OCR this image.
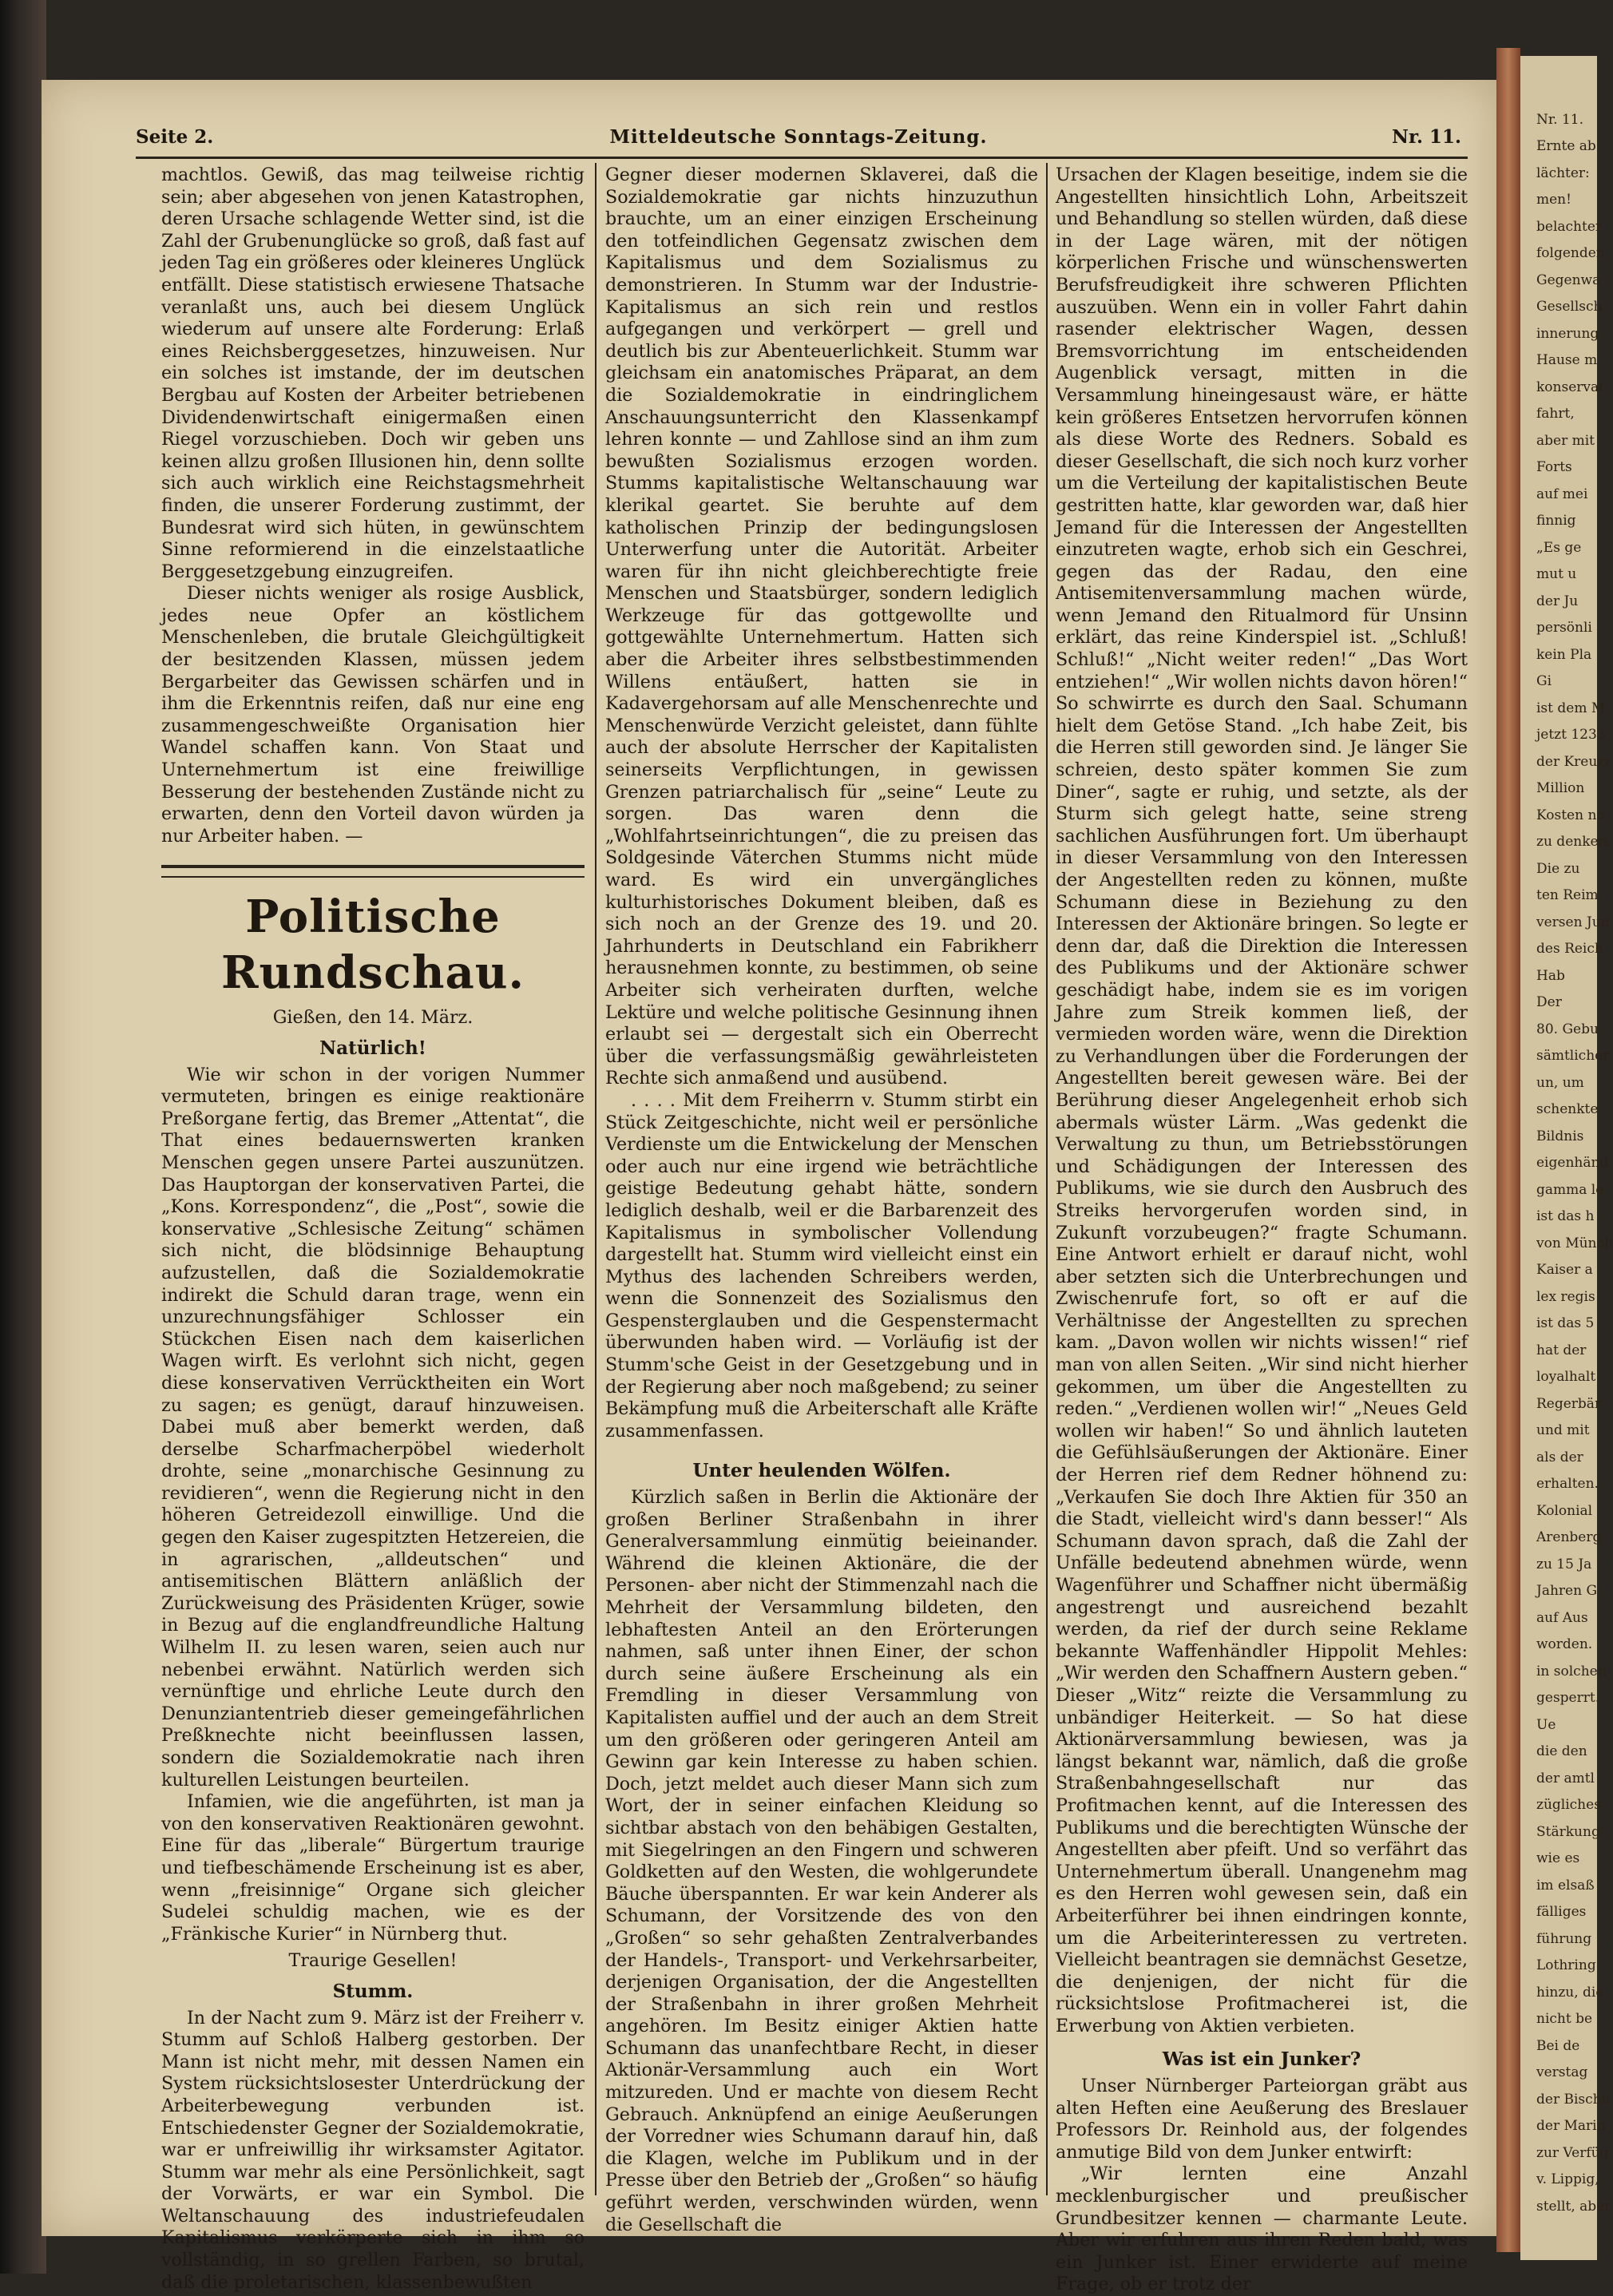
Nr. 11.
Ernte ab
lächter:
men!
belachter
folgenden
Gegenwa
Gesellsch
innerung
Hause m
konservat
fahrt,
aber mit
Forts
auf mei
finnig
„Es ge
mut u
der Ju
persönli
kein Pla
Gi
ist dem M
jetzt 1233
der Kreuzz
Million
Kosten no
zu denken.
Die zu
ten Reim
versen Jun
des Reich
Hab
Der
80. Gebu
sämtlicher
un, um
schenkte
Bildnis
eigenhänd
gamma le
ist das h
von Münch
Kaiser a
lex regis
ist das 5
hat der
loyalhalt
Regerbär
und mit
als der
erhalten.
Kolonial
Arenberg
zu 15 Ja
Jahren G
auf Aus
worden.
in solchen
gesperrt.
Ue
die den
der amtl
zügliches
Stärkung
wie es
im elsaß
fälliges
führung
Lothring
hinzu, die
nicht be
Bei de
verstag
der Bischu
der Marin
zur Verfüg
v. Lippig,
stellt, aber
Seite 2.	Mitteldeutsche Sonntags-Zeitung.	Nr. 11.

machtlos. Gewiß, das mag teilweise richtig sein; aber abgesehen von jenen Katastrophen, deren Ursache schlagende Wetter sind, ist die Zahl der Grubenunglücke so groß, daß fast auf jeden Tag ein größeres oder kleineres Unglück entfällt. Diese statistisch erwiesene Thatsache veranlaßt uns, auch bei diesem Unglück wiederum auf unsere alte Forderung: Erlaß eines Reichsberggesetzes, hinzuweisen. Nur ein solches ist imstande, der im deutschen Bergbau auf Kosten der Arbeiter betriebenen Dividendenwirtschaft einigermaßen einen Riegel vorzuschieben. Doch wir geben uns keinen allzu großen Illusionen hin, denn sollte sich auch wirklich eine Reichstagsmehrheit finden, die unserer Forderung zustimmt, der Bundesrat wird sich hüten, in gewünschtem Sinne reformierend in die einzelstaatliche Berggesetzgebung einzugreifen.

Dieser nichts weniger als rosige Ausblick, jedes neue Opfer an köstlichem Menschenleben, die brutale Gleichgültigkeit der besitzenden Klassen, müssen jedem Bergarbeiter das Gewissen schärfen und in ihm die Erkenntnis reifen, daß nur eine eng zusammengeschweißte Organisation hier Wandel schaffen kann. Von Staat und Unternehmertum ist eine freiwillige Besserung der bestehenden Zustände nicht zu erwarten, denn den Vorteil davon würden ja nur Arbeiter haben. —

Politische Rundschau.
Gießen, den 14. März.
Natürlich!

Wie wir schon in der vorigen Nummer vermuteten, bringen es einige reaktionäre Preßorgane fertig, das Bremer „Attentat“, die That eines bedauernswerten kranken Menschen gegen unsere Partei auszunützen. Das Hauptorgan der konservativen Partei, die „Kons. Korrespondenz“, die „Post“, sowie die konservative „Schlesische Zeitung“ schämen sich nicht, die blödsinnige Behauptung aufzustellen, daß die Sozialdemokratie indirekt die Schuld daran trage, wenn ein unzurechnungsfähiger Schlosser ein Stückchen Eisen nach dem kaiserlichen Wagen wirft. Es verlohnt sich nicht, gegen diese konservativen Verrücktheiten ein Wort zu sagen; es genügt, darauf hinzuweisen. Dabei muß aber bemerkt werden, daß derselbe Scharfmacherpöbel wiederholt drohte, seine „monarchische Gesinnung zu revidieren“, wenn die Regierung nicht in den höheren Getreidezoll einwillige. Und die gegen den Kaiser zugespitzten Hetzereien, die in agrarischen, „alldeutschen“ und antisemitischen Blättern anläßlich der Zurückweisung des Präsidenten Krüger, sowie in Bezug auf die englandfreundliche Haltung Wilhelm II. zu lesen waren, seien auch nur nebenbei erwähnt. Natürlich werden sich vernünftige und ehrliche Leute durch den Denunziantentrieb dieser gemeingefährlichen Preßknechte nicht beeinflussen lassen, sondern die Sozialdemokratie nach ihren kulturellen Leistungen beurteilen.

Infamien, wie die angeführten, ist man ja von den konservativen Reaktionären gewohnt. Eine für das „liberale“ Bürgertum traurige und tiefbeschämende Erscheinung ist es aber, wenn „freisinnige“ Organe sich gleicher Sudelei schuldig machen, wie es der „Fränkische Kurier“ in Nürnberg thut.

Traurige Gesellen!
Stumm.

In der Nacht zum 9. März ist der Freiherr v. Stumm auf Schloß Halberg gestorben. Der Mann ist nicht mehr, mit dessen Namen ein System rücksichtslosester Unterdrückung der Arbeiterbewegung verbunden ist. Entschiedenster Gegner der Sozialdemokratie, war er unfreiwillig ihr wirksamster Agitator. Stumm war mehr als eine Persönlichkeit, sagt der Vorwärts, er war ein Symbol. Die Weltanschauung des industriefeudalen Kapitalismus verkörperte sich in ihm so vollständig, in so grellen Farben, so brutal, daß die proletarischen, klassenbewußten

Gegner dieser modernen Sklaverei, daß die Sozialdemokratie gar nichts hinzuzuthun brauchte, um an einer einzigen Erscheinung den totfeindlichen Gegensatz zwischen dem Kapitalismus und dem Sozialismus zu demonstrieren. In Stumm war der Industrie-Kapitalismus an sich rein und restlos aufgegangen und verkörpert — grell und deutlich bis zur Abenteuerlichkeit. Stumm war gleichsam ein anatomisches Präparat, an dem die Sozialdemokratie in eindringlichem Anschauungsunterricht den Klassenkampf lehren konnte — und Zahllose sind an ihm zum bewußten Sozialismus erzogen worden. Stumms kapitalistische Weltanschauung war klerikal geartet. Sie beruhte auf dem katholischen Prinzip der bedingungslosen Unterwerfung unter die Autorität. Arbeiter waren für ihn nicht gleichberechtigte freie Menschen und Staatsbürger, sondern lediglich Werkzeuge für das gottgewollte und gottgewählte Unternehmertum. Hatten sich aber die Arbeiter ihres selbstbestimmenden Willens entäußert, hatten sie in Kadavergehorsam auf alle Menschenrechte und Menschenwürde Verzicht geleistet, dann fühlte auch der absolute Herrscher der Kapitalisten seinerseits Verpflichtungen, in gewissen Grenzen patriarchalisch für „seine“ Leute zu sorgen. Das waren denn die „Wohlfahrtseinrichtungen“, die zu preisen das Soldgesinde Väterchen Stumms nicht müde ward. Es wird ein unvergängliches kulturhistorisches Dokument bleiben, daß es sich noch an der Grenze des 19. und 20. Jahrhunderts in Deutschland ein Fabrikherr herausnehmen konnte, zu bestimmen, ob seine Arbeiter sich verheiraten durften, welche Lektüre und welche politische Gesinnung ihnen erlaubt sei — dergestalt sich ein Oberrecht über die verfassungsmäßig gewährleisteten Rechte sich anmaßend und ausübend.

. . . . Mit dem Freiherrn v. Stumm stirbt ein Stück Zeitgeschichte, nicht weil er persönliche Verdienste um die Entwickelung der Menschen oder auch nur eine irgend wie beträchtliche geistige Bedeutung gehabt hätte, sondern lediglich deshalb, weil er die Barbarenzeit des Kapitalismus in symbolischer Vollendung dargestellt hat. Stumm wird vielleicht einst ein Mythus des lachenden Schreibers werden, wenn die Sonnenzeit des Sozialismus den Gespensterglauben und die Gespenstermacht überwunden haben wird. — Vorläufig ist der Stumm'sche Geist in der Gesetzgebung und in der Regierung aber noch maßgebend; zu seiner Bekämpfung muß die Arbeiterschaft alle Kräfte zusammenfassen.

Unter heulenden Wölfen.

Kürzlich saßen in Berlin die Aktionäre der großen Berliner Straßenbahn in ihrer Generalversammlung einmütig beieinander. Während die kleinen Aktionäre, die der Personen- aber nicht der Stimmenzahl nach die Mehrheit der Versammlung bildeten, den lebhaftesten Anteil an den Erörterungen nahmen, saß unter ihnen Einer, der schon durch seine äußere Erscheinung als ein Fremdling in dieser Versammlung von Kapitalisten auffiel und der auch an dem Streit um den größeren oder geringeren Anteil am Gewinn gar kein Interesse zu haben schien. Doch, jetzt meldet auch dieser Mann sich zum Wort, der in seiner einfachen Kleidung so sichtbar abstach von den behäbigen Gestalten, mit Siegelringen an den Fingern und schweren Goldketten auf den Westen, die wohlgerundete Bäuche überspannten. Er war kein Anderer als Schumann, der Vorsitzende des von den „Großen“ so sehr gehaßten Zentralverbandes der Handels-, Transport- und Verkehrsarbeiter, derjenigen Organisation, der die Angestellten der Straßenbahn in ihrer großen Mehrheit angehören. Im Besitz einiger Aktien hatte Schumann das unanfechtbare Recht, in dieser Aktionär-Versammlung auch ein Wort mitzureden. Und er machte von diesem Recht Gebrauch. Anknüpfend an einige Aeußerungen der Vorredner wies Schumann darauf hin, daß die Klagen, welche im Publikum und in der Presse über den Betrieb der „Großen“ so häufig geführt werden, verschwinden würden, wenn die Gesellschaft die

Ursachen der Klagen beseitige, indem sie die Angestellten hinsichtlich Lohn, Arbeitszeit und Behandlung so stellen würden, daß diese in der Lage wären, mit der nötigen körperlichen Frische und wünschenswerten Berufsfreudigkeit ihre schweren Pflichten auszuüben. Wenn ein in voller Fahrt dahin rasender elektrischer Wagen, dessen Bremsvorrichtung im entscheidenden Augenblick versagt, mitten in die Versammlung hineingesaust wäre, er hätte kein größeres Entsetzen hervorrufen können als diese Worte des Redners. Sobald es dieser Gesellschaft, die sich noch kurz vorher um die Verteilung der kapitalistischen Beute gestritten hatte, klar geworden war, daß hier Jemand für die Interessen der Angestellten einzutreten wagte, erhob sich ein Geschrei, gegen das der Radau, den eine Antisemitenversammlung machen würde, wenn Jemand den Ritualmord für Unsinn erklärt, das reine Kinderspiel ist. „Schluß! Schluß!“ „Nicht weiter reden!“ „Das Wort entziehen!“ „Wir wollen nichts davon hören!“ So schwirrte es durch den Saal. Schumann hielt dem Getöse Stand. „Ich habe Zeit, bis die Herren still geworden sind. Je länger Sie schreien, desto später kommen Sie zum Diner“, sagte er ruhig, und setzte, als der Sturm sich gelegt hatte, seine streng sachlichen Ausführungen fort. Um überhaupt in dieser Versammlung von den Interessen der Angestellten reden zu können, mußte Schumann diese in Beziehung zu den Interessen der Aktionäre bringen. So legte er denn dar, daß die Direktion die Interessen des Publikums und der Aktionäre schwer geschädigt habe, indem sie es im vorigen Jahre zum Streik kommen ließ, der vermieden worden wäre, wenn die Direktion zu Verhandlungen über die Forderungen der Angestellten bereit gewesen wäre. Bei der Berührung dieser Angelegenheit erhob sich abermals wüster Lärm. „Was gedenkt die Verwaltung zu thun, um Betriebsstörungen und Schädigungen der Interessen des Publikums, wie sie durch den Ausbruch des Streiks hervorgerufen worden sind, in Zukunft vorzubeugen?“ fragte Schumann. Eine Antwort erhielt er darauf nicht, wohl aber setzten sich die Unterbrechungen und Zwischenrufe fort, so oft er auf die Verhältnisse der Angestellten zu sprechen kam. „Davon wollen wir nichts wissen!“ rief man von allen Seiten. „Wir sind nicht hierher gekommen, um über die Angestellten zu reden.“ „Verdienen wollen wir!“ „Neues Geld wollen wir haben!“ So und ähnlich lauteten die Gefühlsäußerungen der Aktionäre. Einer der Herren rief dem Redner höhnend zu: „Verkaufen Sie doch Ihre Aktien für 350 an die Stadt, vielleicht wird's dann besser!“ Als Schumann davon sprach, daß die Zahl der Unfälle bedeutend abnehmen würde, wenn Wagenführer und Schaffner nicht übermäßig angestrengt und ausreichend bezahlt werden, da rief der durch seine Reklame bekannte Waffenhändler Hippolit Mehles: „Wir werden den Schaffnern Austern geben.“ Dieser „Witz“ reizte die Versammlung zu unbändiger Heiterkeit. — So hat diese Aktionärversammlung bewiesen, was ja längst bekannt war, nämlich, daß die große Straßenbahngesellschaft nur das Profitmachen kennt, auf die Interessen des Publikums und die berechtigten Wünsche der Angestellten aber pfeift. Und so verfährt das Unternehmertum überall. Unangenehm mag es den Herren wohl gewesen sein, daß ein Arbeiterführer bei ihnen eindringen konnte, um die Arbeiterinteressen zu vertreten. Vielleicht beantragen sie demnächst Gesetze, die denjenigen, der nicht für die rücksichtslose Profitmacherei ist, die Erwerbung von Aktien verbieten.

Was ist ein Junker?

Unser Nürnberger Parteiorgan gräbt aus alten Heften eine Aeußerung des Breslauer Professors Dr. Reinhold aus, der folgendes anmutige Bild von dem Junker entwirft:

„Wir lernten eine Anzahl mecklenburgischer und preußischer Grundbesitzer kennen — charmante Leute. Aber wir erfuhren aus ihren Reden bald, was ein Junker ist. Einer erwiderte auf meine Frage, ob er trotz der
